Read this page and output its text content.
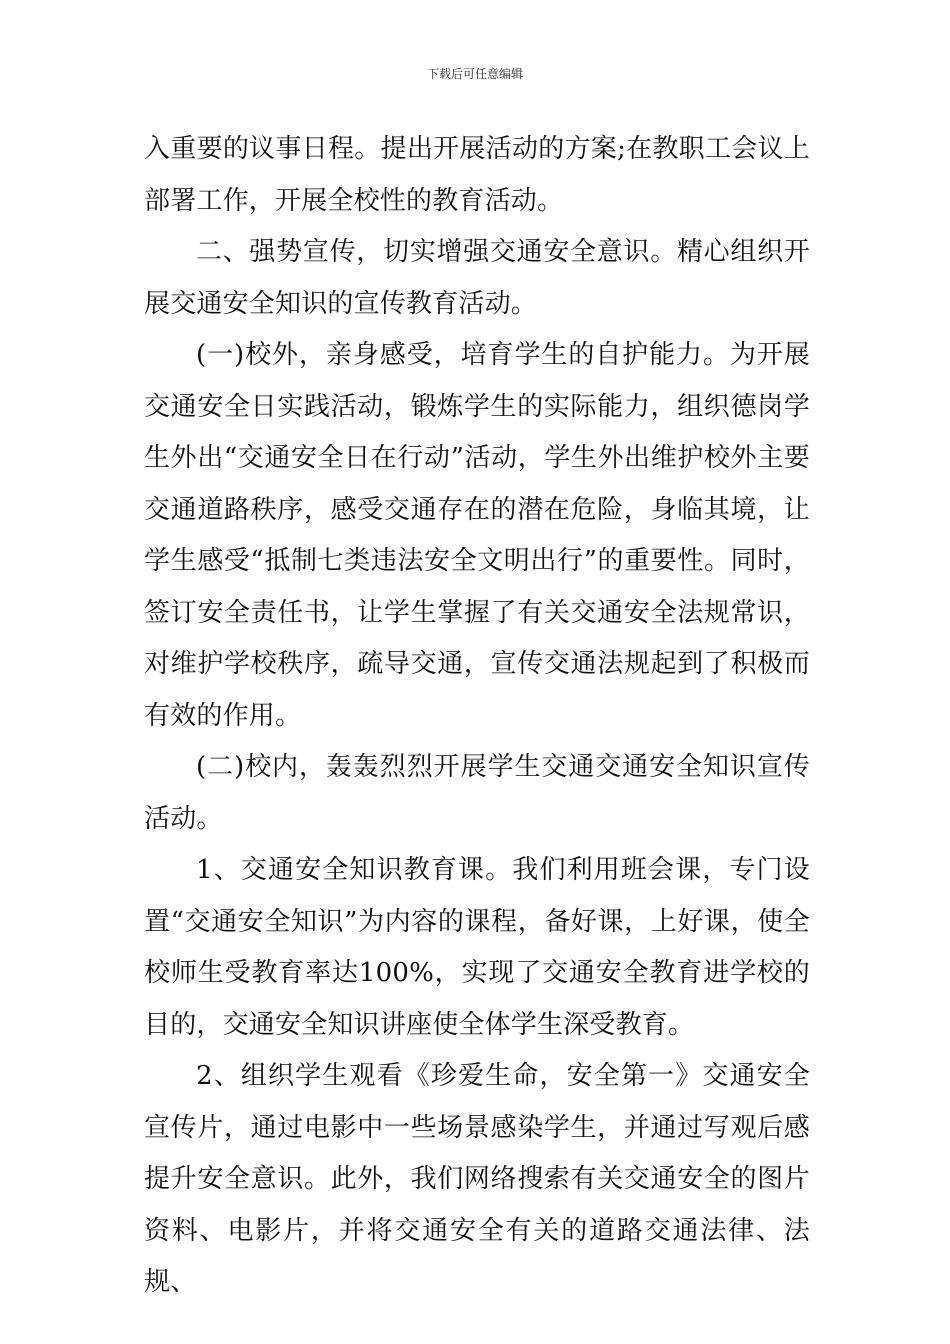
下载后可任意编辑

入重要的议事日程。提出开展活动的方案;在教职工会议上部署工作，开展全校性的教育活动。

二、强势宣传，切实增强交通安全意识。精心组织开展交通安全知识的宣传教育活动。

(一)校外，亲身感受，培育学生的自护能力。为开展交通安全日实践活动，锻炼学生的实际能力，组织德岗学生外出“交通安全日在行动”活动，学生外出维护校外主要交通道路秩序，感受交通存在的潜在危险，身临其境，让学生感受“抵制七类违法安全文明出行”的重要性。同时，签订安全责任书，让学生掌握了有关交通安全法规常识，对维护学校秩序，疏导交通，宣传交通法规起到了积极而有效的作用。

(二)校内，轰轰烈烈开展学生交通交通安全知识宣传活动。

1、交通安全知识教育课。我们利用班会课，专门设置“交通安全知识”为内容的课程，备好课，上好课，使全校师生受教育率达100%，实现了交通安全教育进学校的目的，交通安全知识讲座使全体学生深受教育。

2、组织学生观看《珍爱生命，安全第一》交通安全宣传片，通过电影中一些场景感染学生，并通过写观后感提升安全意识。此外，我们网络搜索有关交通安全的图片资料、电影片，并将交通安全有关的道路交通法律、法规、
